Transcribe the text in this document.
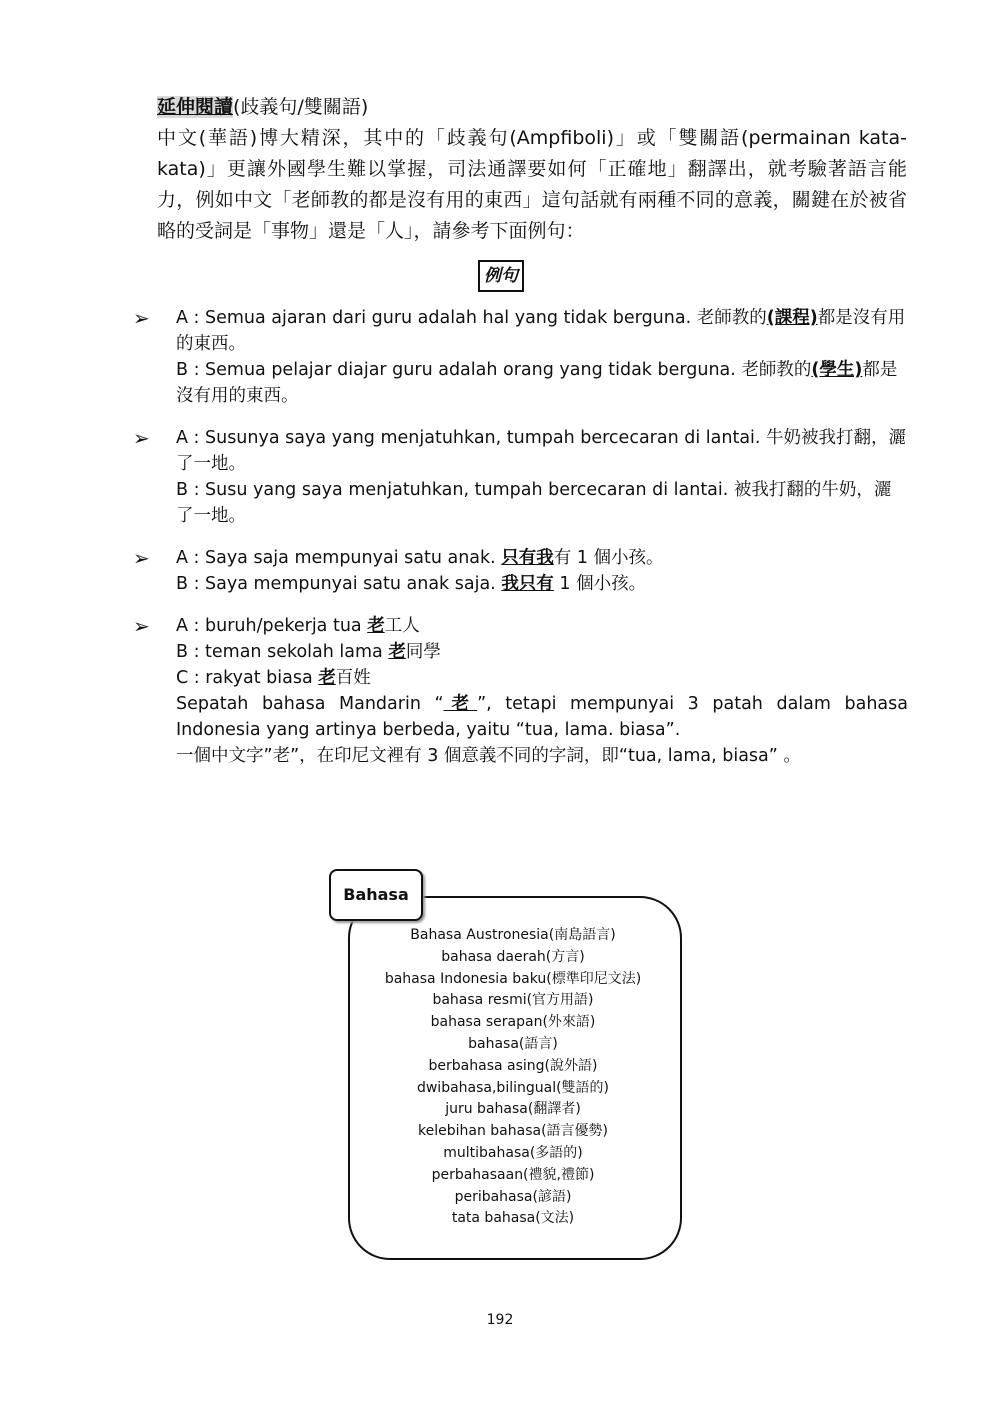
延伸閱讀(歧義句/雙關語)
中文(華語)博大精深，其中的「歧義句(Ampfiboli)」或「雙關語(permainan kata-kata)」更讓外國學生難以掌握，司法通譯要如何「正確地」翻譯出，就考驗著語言能力，例如中文「老師教的都是沒有用的東西」這句話就有兩種不同的意義，關鍵在於被省略的受詞是「事物」還是「人」，請參考下面例句：
例句
➢ A : Semua ajaran dari guru adalah hal yang tidak berguna. 老師教的(課程)都是沒有用的東西。

B : Semua pelajar diajar guru adalah orang yang tidak berguna. 老師教的(學生)都是沒有用的東西。

➢ A : Susunya saya yang menjatuhkan, tumpah bercecaran di lantai. 牛奶被我打翻，灑了一地。

B : Susu yang saya menjatuhkan, tumpah bercecaran di lantai. 被我打翻的牛奶，灑了一地。

➢ A : Saya saja mempunyai satu anak. 只有我有 1 個小孩。

B : Saya mempunyai satu anak saja. 我只有 1 個小孩。

➢ A : buruh/pekerja tua 老工人

B : teman sekolah lama 老同學

C : rakyat biasa 老百姓

Sepatah bahasa Mandarin “老”, tetapi mempunyai 3 patah dalam bahasa Indonesia yang artinya berbeda, yaitu “tua, lama. biasa”.

一個中文字”老”，在印尼文裡有 3 個意義不同的字詞，即“tua, lama, biasa” 。

Bahasa
Bahasa Austronesia(南島語言)
bahasa daerah(方言)
bahasa Indonesia baku(標準印尼文法)
bahasa resmi(官方用語)
bahasa serapan(外來語)
bahasa(語言)
berbahasa asing(說外語)
dwibahasa,bilingual(雙語的)
juru bahasa(翻譯者)
kelebihan bahasa(語言優勢)
multibahasa(多語的)
perbahasaan(禮貌,禮節)
peribahasa(諺語)
tata bahasa(文法)
192
